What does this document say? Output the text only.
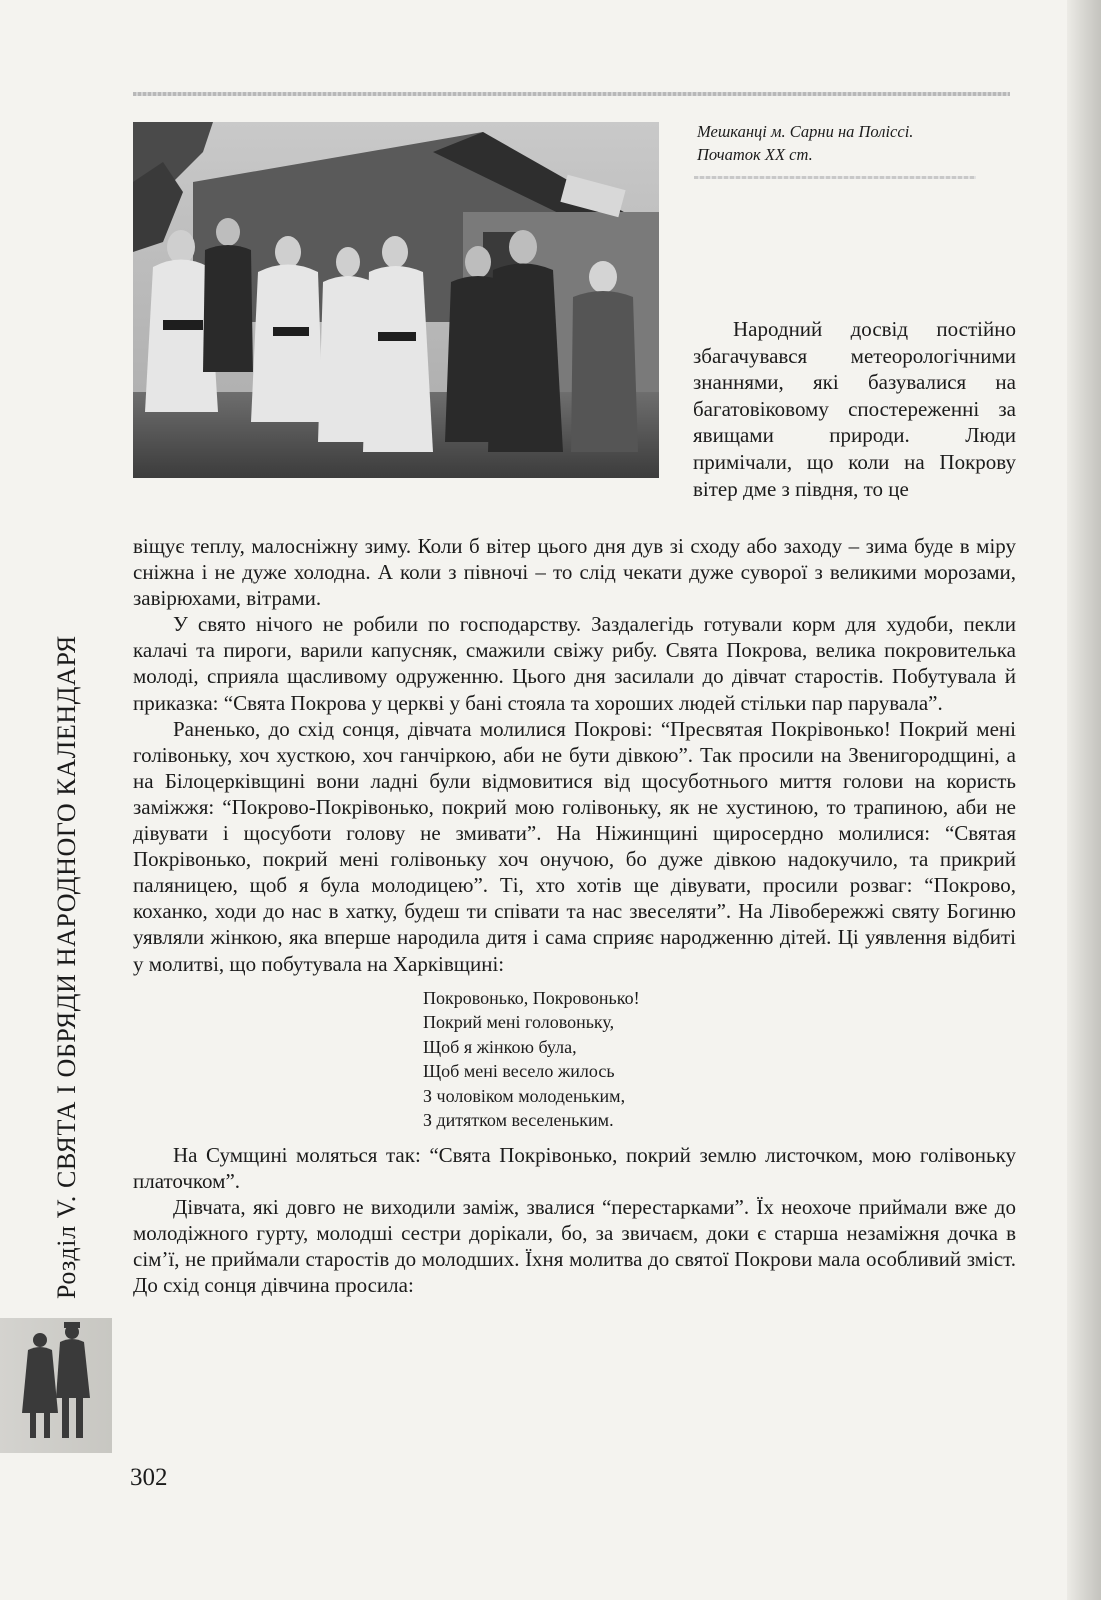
Мешканці м. Сарни на Поліссі.
Початок XX ст.

Народний досвід постійно збагачувався метеорологічними знаннями, які базувалися на багатовіковому спостереженні за явищами природи. Люди примічали, що коли на Покрову вітер дме з півдня, то це

віщує теплу, малосніжну зиму. Коли б вітер цього дня дув зі сходу або заходу – зима буде в міру сніжна і не дуже холодна. А коли з півночі – то слід чекати дуже суворої з великими морозами, завірюхами, вітрами.

У свято нічого не робили по господарству. Заздалегідь готували корм для худоби, пекли калачі та пироги, варили капусняк, смажили свіжу рибу. Свята Покрова, велика покровителька молоді, сприяла щасливому одруженню. Цього дня засилали до дівчат старостів. Побутувала й приказка: “Свята Покрова у церкві у бані стояла та хороших людей стільки пар парувала”.

Раненько, до схід сонця, дівчата молилися Покрові: “Пресвятая Покрівонько! Покрий мені голівоньку, хоч хусткою, хоч ганчіркою, аби не бути дівкою”. Так просили на Звенигородщині, а на Білоцерківщині вони ладні були відмовитися від щосуботнього миття голови на користь заміжжя: “Покрово-Покрівонько, покрий мою голівоньку, як не хустиною, то трапиною, аби не дівувати і щосуботи голову не змивати”. На Ніжинщині щиросердно молилися: “Святая Покрівонько, покрий мені голівоньку хоч онучою, бо дуже дівкою надокучило, та прикрий паляницею, щоб я була молодицею”. Ті, хто хотів ще дівувати, просили розваг: “Покрово, коханко, ходи до нас в хатку, будеш ти співати та нас звеселяти”. На Лівобережжі святу Богиню уявляли жінкою, яка вперше народила дитя і сама сприяє народженню дітей. Ці уявлення відбиті у молитві, що побутувала на Харківщині:

Покровонько, Покровонько!
Покрий мені головоньку,
Щоб я жінкою була,
Щоб мені весело жилось
З чоловіком молоденьким,
З дитятком веселеньким.

На Сумщині моляться так: “Свята Покрівонько, покрий землю листочком, мою голівоньку платочком”.

Дівчата, які довго не виходили заміж, звалися “перестарками”. Їх неохоче приймали вже до молодіжного гурту, молодші сестри дорікали, бо, за звичаєм, доки є старша незаміжня дочка в сім’ї, не приймали старостів до молодших. Їхня молитва до святої Покрови мала особливий зміст. До схід сонця дівчина просила:

Розділ V. СВЯТА І ОБРЯДИ НАРОДНОГО КАЛЕНДАРЯ
302
